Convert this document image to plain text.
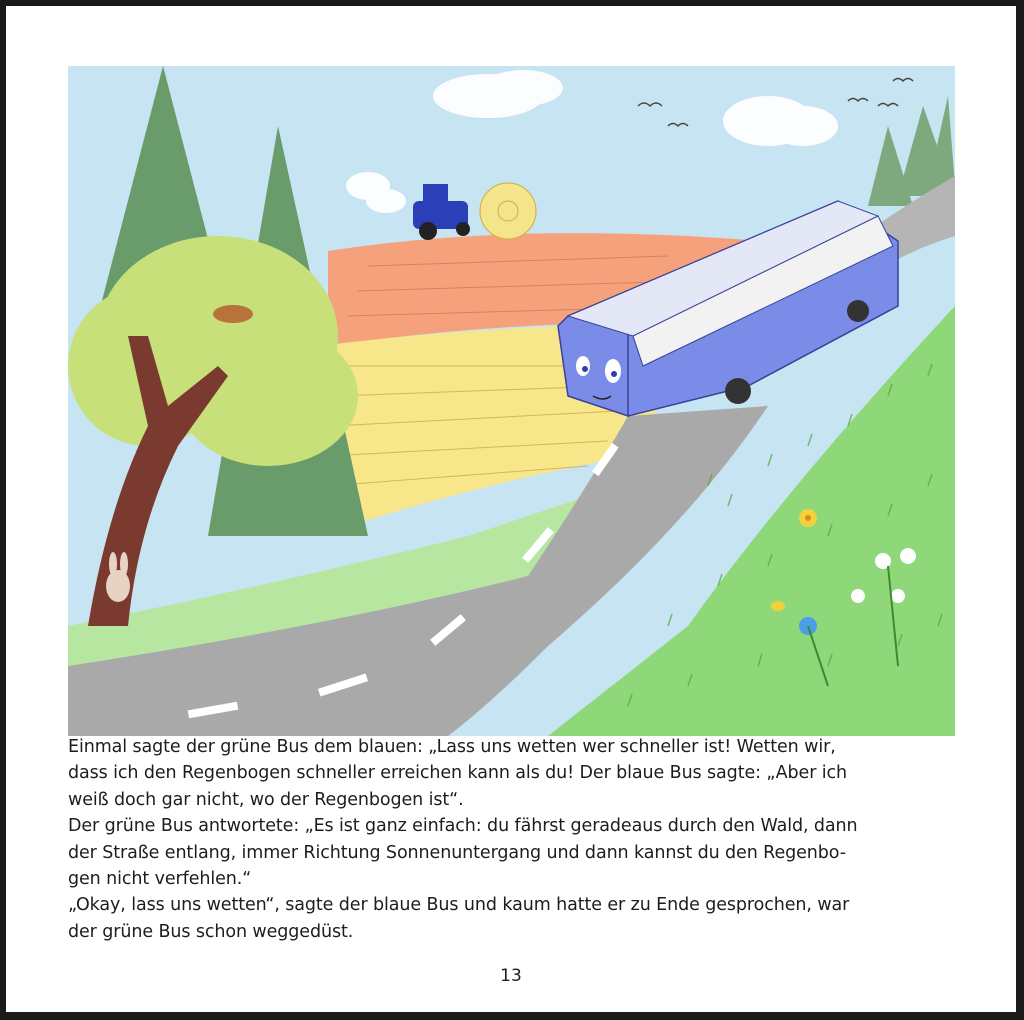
Einmal sagte der grüne Bus dem blauen: „Lass uns wetten wer schneller ist! Wetten wir,
dass ich den Regenbogen schneller erreichen kann als du! Der blaue Bus sagte: „Aber ich
weiß doch gar nicht, wo der Regenbogen ist“.

Der grüne Bus antwortete: „Es ist ganz einfach: du fährst geradeaus durch den Wald, dann
der Straße entlang, immer Richtung Sonnenuntergang und dann kannst du den Regenbo-
gen nicht verfehlen.“

„Okay, lass uns wetten“, sagte der blaue Bus und kaum hatte er zu Ende gesprochen, war
der grüne Bus schon weggedüst.

13
